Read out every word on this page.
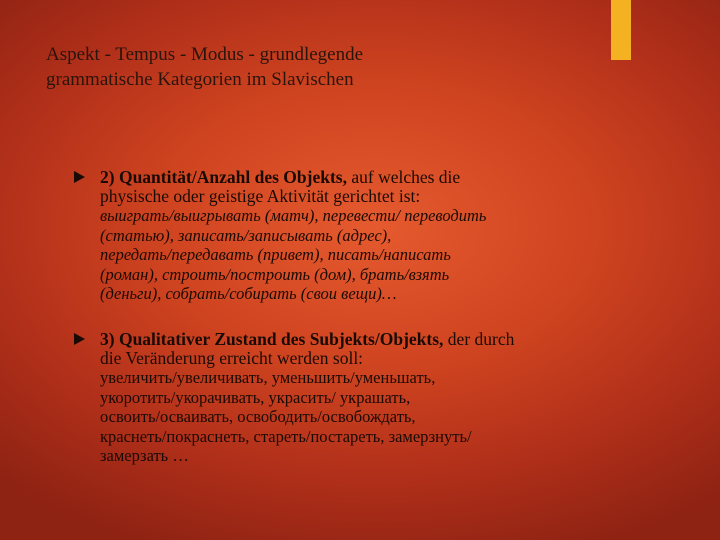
Aspekt - Tempus - Modus - grundlegende
grammatische Kategorien im Slavischen
2) Quantität/Anzahl des Objekts, auf welches die
physische oder geistige Aktivität gerichtet ist:
выиграть/выигрывать (матч), перевести/ переводить
(статью), записать/записывать (адрес),
передать/передавать (привет), писать/написать
(роман), строить/построить (дом), брать/взять
(деньги), собрать/собирать (свои вещи)…
3) Qualitativer Zustand des Subjekts/Objekts, der durch
die Veränderung erreicht werden soll:
увеличить/увеличивать, уменьшить/уменьшать,
укоротить/укорачивать, украсить/ украшать,
освоить/осваивать, освободить/освобождать,
краснеть/покраснеть, стареть/постареть, замерзнуть/
замерзать …
